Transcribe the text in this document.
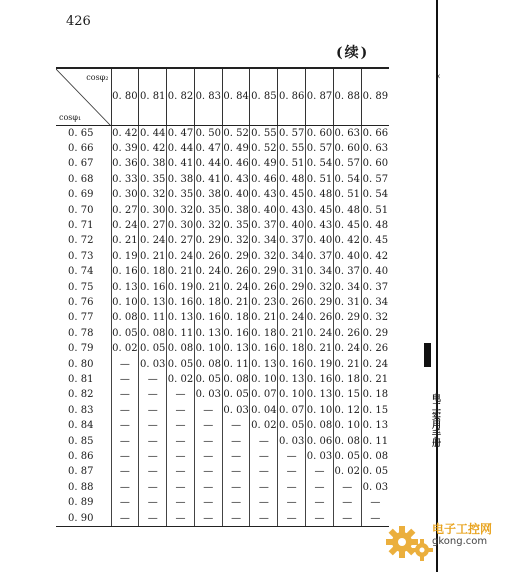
426
(续)
cosφ₂
cosφ₁	0. 80	0. 81	0. 82	0. 83	0. 84	0. 85	0. 86	0. 87	0. 88	0. 89
0. 65	0. 42	0. 44	0. 47	0. 50	0. 52	0. 55	0. 57	0. 60	0. 63	0. 66
0. 66	0. 39	0. 42	0. 44	0. 47	0. 49	0. 52	0. 55	0. 57	0. 60	0. 63
0. 67	0. 36	0. 38	0. 41	0. 44	0. 46	0. 49	0. 51	0. 54	0. 57	0. 60
0. 68	0. 33	0. 35	0. 38	0. 41	0. 43	0. 46	0. 48	0. 51	0. 54	0. 57
0. 69	0. 30	0. 32	0. 35	0. 38	0. 40	0. 43	0. 45	0. 48	0. 51	0. 54
0. 70	0. 27	0. 30	0. 32	0. 35	0. 38	0. 40	0. 43	0. 45	0. 48	0. 51
0. 71	0. 24	0. 27	0. 30	0. 32	0. 35	0. 37	0. 40	0. 43	0. 45	0. 48
0. 72	0. 21	0. 24	0. 27	0. 29	0. 32	0. 34	0. 37	0. 40	0. 42	0. 45
0. 73	0. 19	0. 21	0. 24	0. 26	0. 29	0. 32	0. 34	0. 37	0. 40	0. 42
0. 74	0. 16	0. 18	0. 21	0. 24	0. 26	0. 29	0. 31	0. 34	0. 37	0. 40
0. 75	0. 13	0. 16	0. 19	0. 21	0. 24	0. 26	0. 29	0. 32	0. 34	0. 37
0. 76	0. 10	0. 13	0. 16	0. 18	0. 21	0. 23	0. 26	0. 29	0. 31	0. 34
0. 77	0. 08	0. 11	0. 13	0. 16	0. 18	0. 21	0. 24	0. 26	0. 29	0. 32
0. 78	0. 05	0. 08	0. 11	0. 13	0. 16	0. 18	0. 21	0. 24	0. 26	0. 29
0. 79	0. 02	0. 05	0. 08	0. 10	0. 13	0. 16	0. 18	0. 21	0. 24	0. 26
0. 80	—	0. 03	0. 05	0. 08	0. 11	0. 13	0. 16	0. 19	0. 21	0. 24
0. 81	—	—	0. 02	0. 05	0. 08	0. 10	0. 13	0. 16	0. 18	0. 21
0. 82	—	—	—	0. 03	0. 05	0. 07	0. 10	0. 13	0. 15	0. 18
0. 83	—	—	—	—	0. 03	0. 04	0. 07	0. 10	0. 12	0. 15
0. 84	—	—	—	—	—	0. 02	0. 05	0. 08	0. 10	0. 13
0. 85	—	—	—	—	—	—	0. 03	0. 06	0. 08	0. 11
0. 86	—	—	—	—	—	—	—	0. 03	0. 05	0. 08
0. 87	—	—	—	—	—	—	—	—	0. 02	0. 05
0. 88	—	—	—	—	—	—	—	—	—	0. 03
0. 89	—	—	—	—	—	—	—	—	—	—
0. 90	—	—	—	—	—	—	—	—	—	—
‹
电工实用手册
电子工控网
gkong.com
